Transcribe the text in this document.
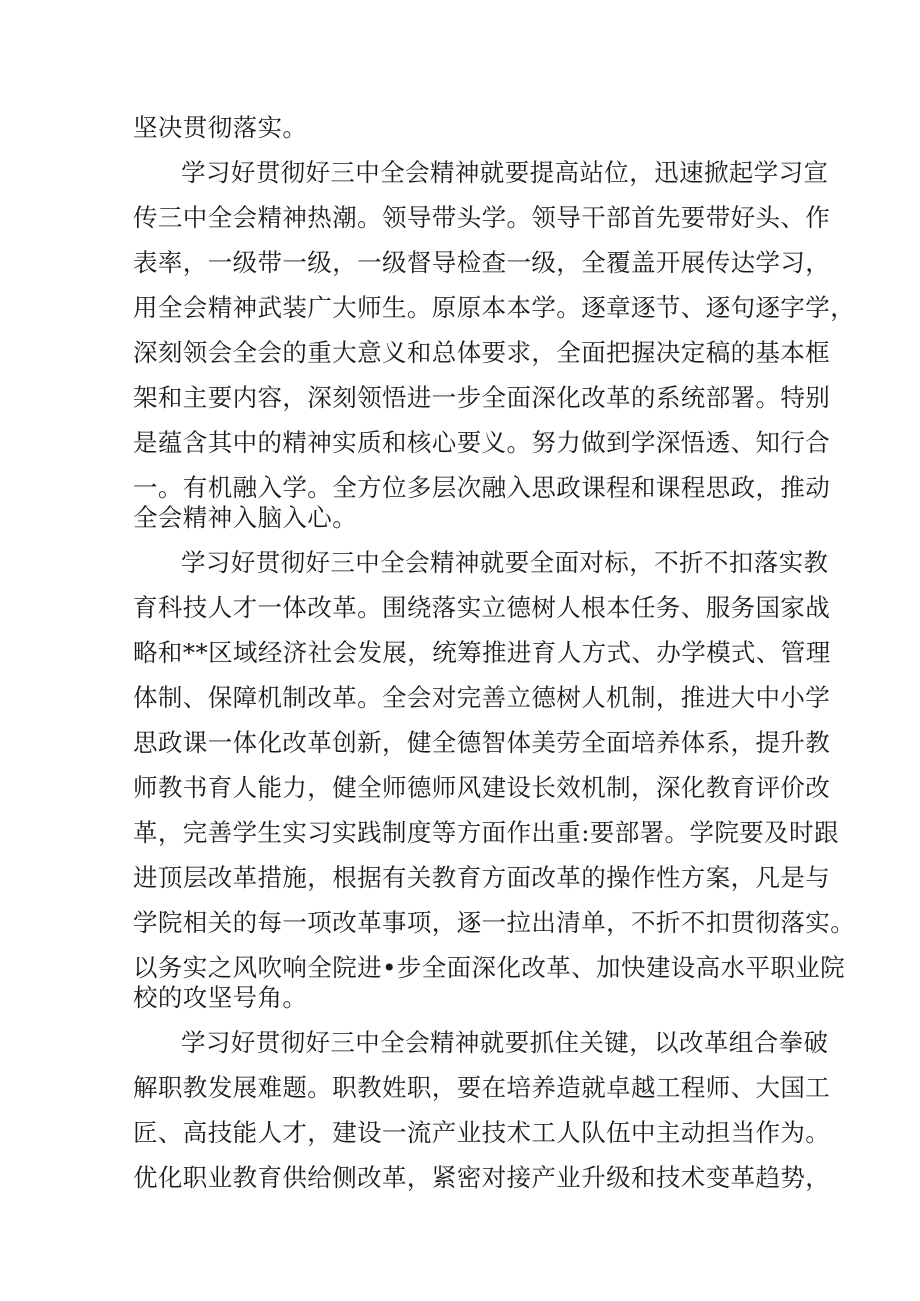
坚决贯彻落实。
学习好贯彻好三中全会精神就要提高站位，迅速掀起学习宣
传三中全会精神热潮。领导带头学。领导干部首先要带好头、作
表率，一级带一级，一级督导检查一级，全覆盖开展传达学习，
用全会精神武装广大师生。原原本本学。逐章逐节、逐句逐字学，
深刻领会全会的重大意义和总体要求，全面把握决定稿的基本框
架和主要内容，深刻领悟进一步全面深化改革的系统部署。特别
是蕴含其中的精神实质和核心要义。努力做到学深悟透、知行合
一。有机融入学。全方位多层次融入思政课程和课程思政，推动
全会精神入脑入心。
学习好贯彻好三中全会精神就要全面对标，不折不扣落实教
育科技人才一体改革。围绕落实立德树人根本任务、服务国家战
略和**区域经济社会发展，统筹推进育人方式、办学模式、管理
体制、保障机制改革。全会对完善立德树人机制，推进大中小学
思政课一体化改革创新，健全德智体美劳全面培养体系，提升教
师教书育人能力，健全师德师风建设长效机制，深化教育评价改
革，完善学生实习实践制度等方面作出重:要部署。学院要及时跟
进顶层改革措施，根据有关教育方面改革的操作性方案，凡是与
学院相关的每一项改革事项，逐一拉出清单，不折不扣贯彻落实。
以务实之风吹响全院进•步全面深化改革、加快建设高水平职业院
校的攻坚号角。
学习好贯彻好三中全会精神就要抓住关键，以改革组合拳破
解职教发展难题。职教姓职，要在培养造就卓越工程师、大国工
匠、高技能人才，建设一流产业技术工人队伍中主动担当作为。
优化职业教育供给侧改革，紧密对接产业升级和技术变革趋势，
